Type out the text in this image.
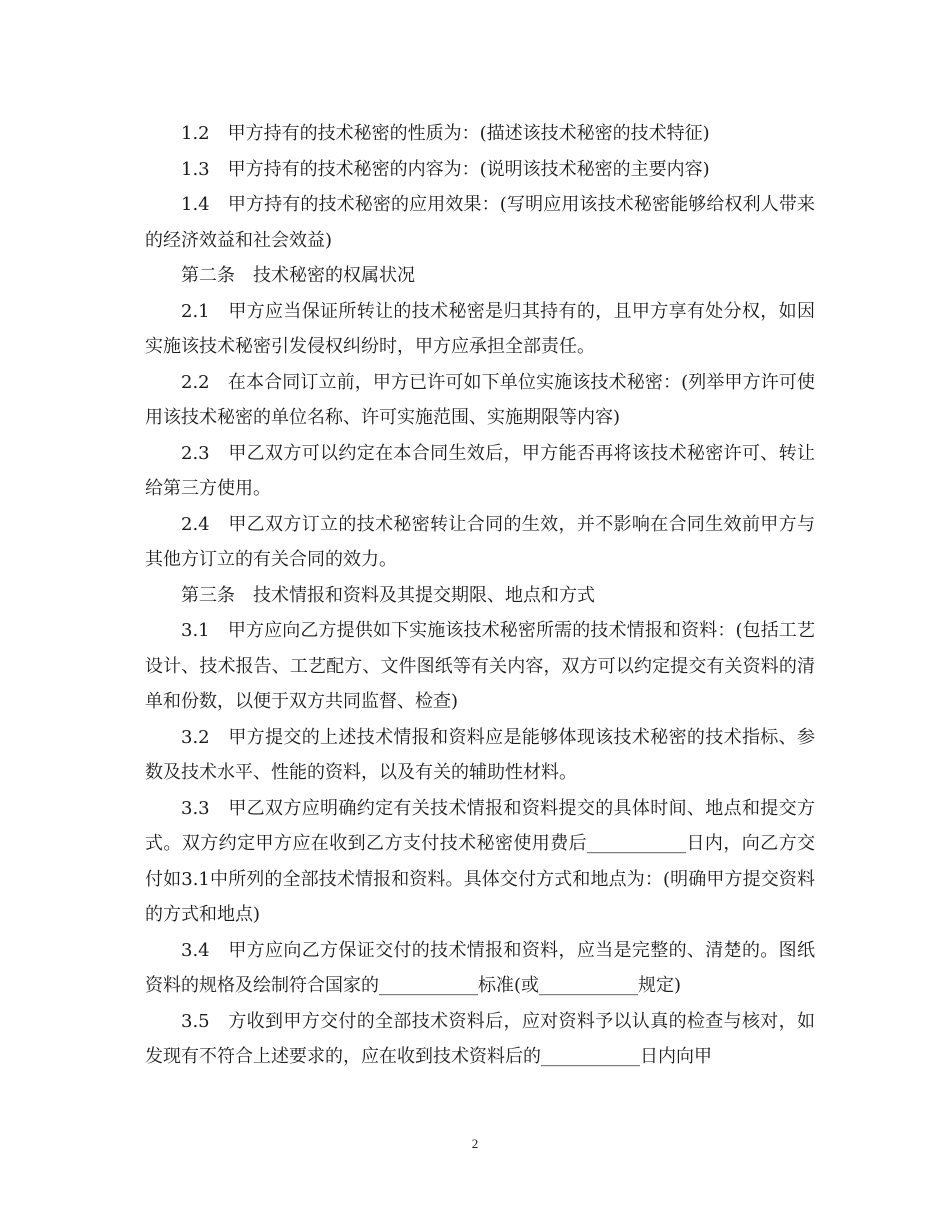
1.2　甲方持有的技术秘密的性质为：(描述该技术秘密的技术特征)

1.3　甲方持有的技术秘密的内容为：(说明该技术秘密的主要内容)

1.4　甲方持有的技术秘密的应用效果：(写明应用该技术秘密能够给权利人带来的经济效益和社会效益)

第二条　技术秘密的权属状况

2.1　甲方应当保证所转让的技术秘密是归其持有的，且甲方享有处分权，如因实施该技术秘密引发侵权纠纷时，甲方应承担全部责任。

2.2　在本合同订立前，甲方已许可如下单位实施该技术秘密：(列举甲方许可使用该技术秘密的单位名称、许可实施范围、实施期限等内容)

2.3　甲乙双方可以约定在本合同生效后，甲方能否再将该技术秘密许可、转让给第三方使用。

2.4　甲乙双方订立的技术秘密转让合同的生效，并不影响在合同生效前甲方与其他方订立的有关合同的效力。

第三条　技术情报和资料及其提交期限、地点和方式

3.1　甲方应向乙方提供如下实施该技术秘密所需的技术情报和资料：(包括工艺设计、技术报告、工艺配方、文件图纸等有关内容，双方可以约定提交有关资料的清单和份数，以便于双方共同监督、检查)

3.2　甲方提交的上述技术情报和资料应是能够体现该技术秘密的技术指标、参数及技术水平、性能的资料，以及有关的辅助性材料。

3.3　甲乙双方应明确约定有关技术情报和资料提交的具体时间、地点和提交方式。双方约定甲方应在收到乙方支付技术秘密使用费后___________日内，向乙方交付如3.1中所列的全部技术情报和资料。具体交付方式和地点为：(明确甲方提交资料的方式和地点)

3.4　甲方应向乙方保证交付的技术情报和资料，应当是完整的、清楚的。图纸资料的规格及绘制符合国家的___________标准(或___________规定)

3.5　方收到甲方交付的全部技术资料后，应对资料予以认真的检查与核对，如发现有不符合上述要求的，应在收到技术资料后的___________日内向甲

2
